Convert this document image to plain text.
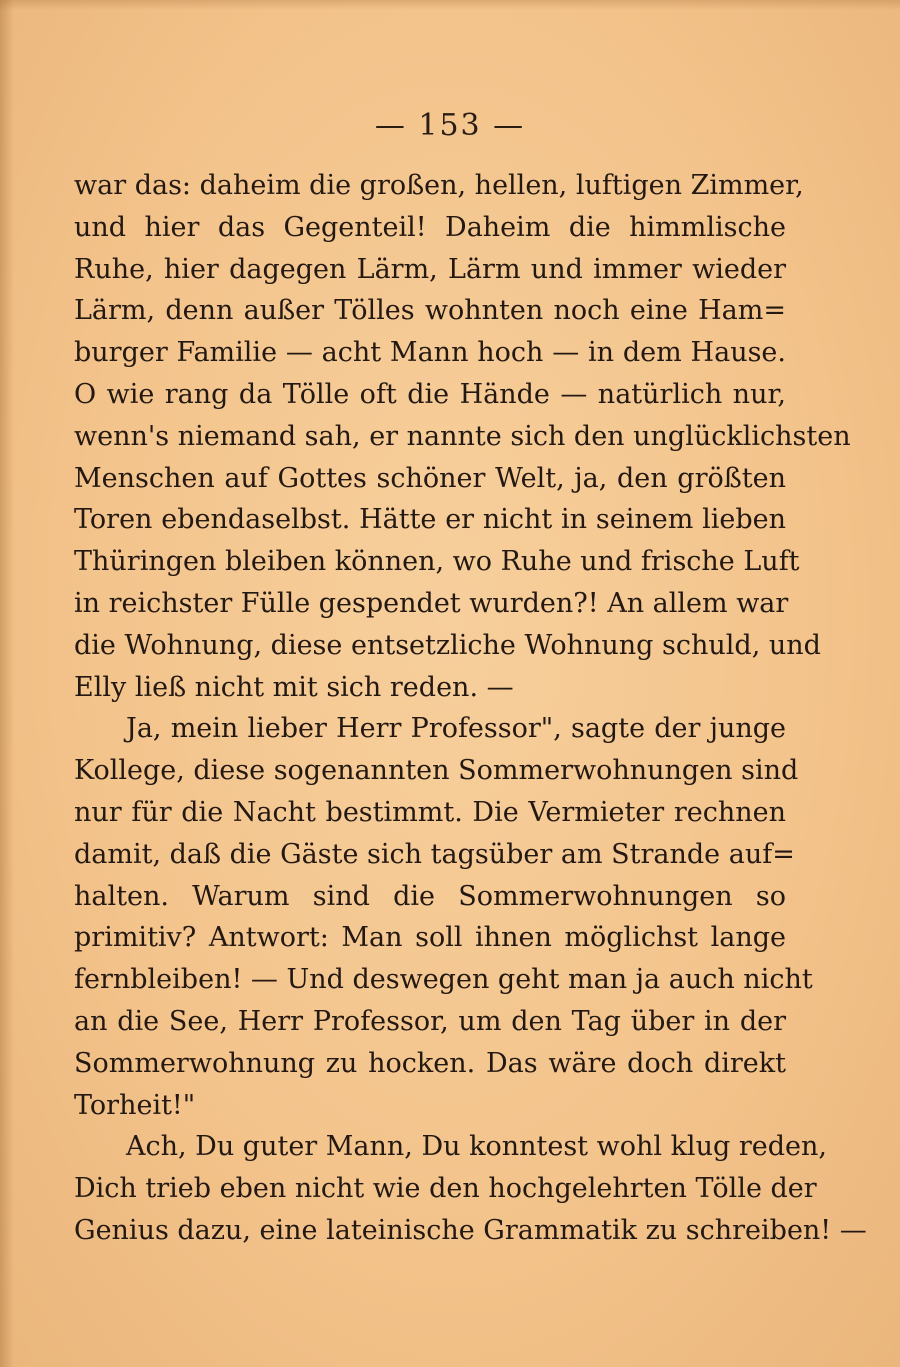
— 153 —
war das: daheim die großen, hellen, luftigen Zimmer,
und hier das Gegenteil! Daheim die himmlische
Ruhe, hier dagegen Lärm, Lärm und immer wieder
Lärm, denn außer Tölles wohnten noch eine Ham=
burger Familie — acht Mann hoch — in dem Hause.
O wie rang da Tölle oft die Hände — natürlich nur,
wenn's niemand sah, er nannte sich den unglücklichsten
Menschen auf Gottes schöner Welt, ja, den größten
Toren ebendaselbst. Hätte er nicht in seinem lieben
Thüringen bleiben können, wo Ruhe und frische Luft
in reichster Fülle gespendet wurden?! An allem war
die Wohnung, diese entsetzliche Wohnung schuld, und
Elly ließ nicht mit sich reden. —
Ja, mein lieber Herr Professor", sagte der junge
Kollege, diese sogenannten Sommerwohnungen sind
nur für die Nacht bestimmt. Die Vermieter rechnen
damit, daß die Gäste sich tagsüber am Strande auf=
halten. Warum sind die Sommerwohnungen so
primitiv? Antwort: Man soll ihnen möglichst lange
fernbleiben! — Und deswegen geht man ja auch nicht
an die See, Herr Professor, um den Tag über in der
Sommerwohnung zu hocken. Das wäre doch direkt
Torheit!"
Ach, Du guter Mann, Du konntest wohl klug reden,
Dich trieb eben nicht wie den hochgelehrten Tölle der
Genius dazu, eine lateinische Grammatik zu schreiben! —
